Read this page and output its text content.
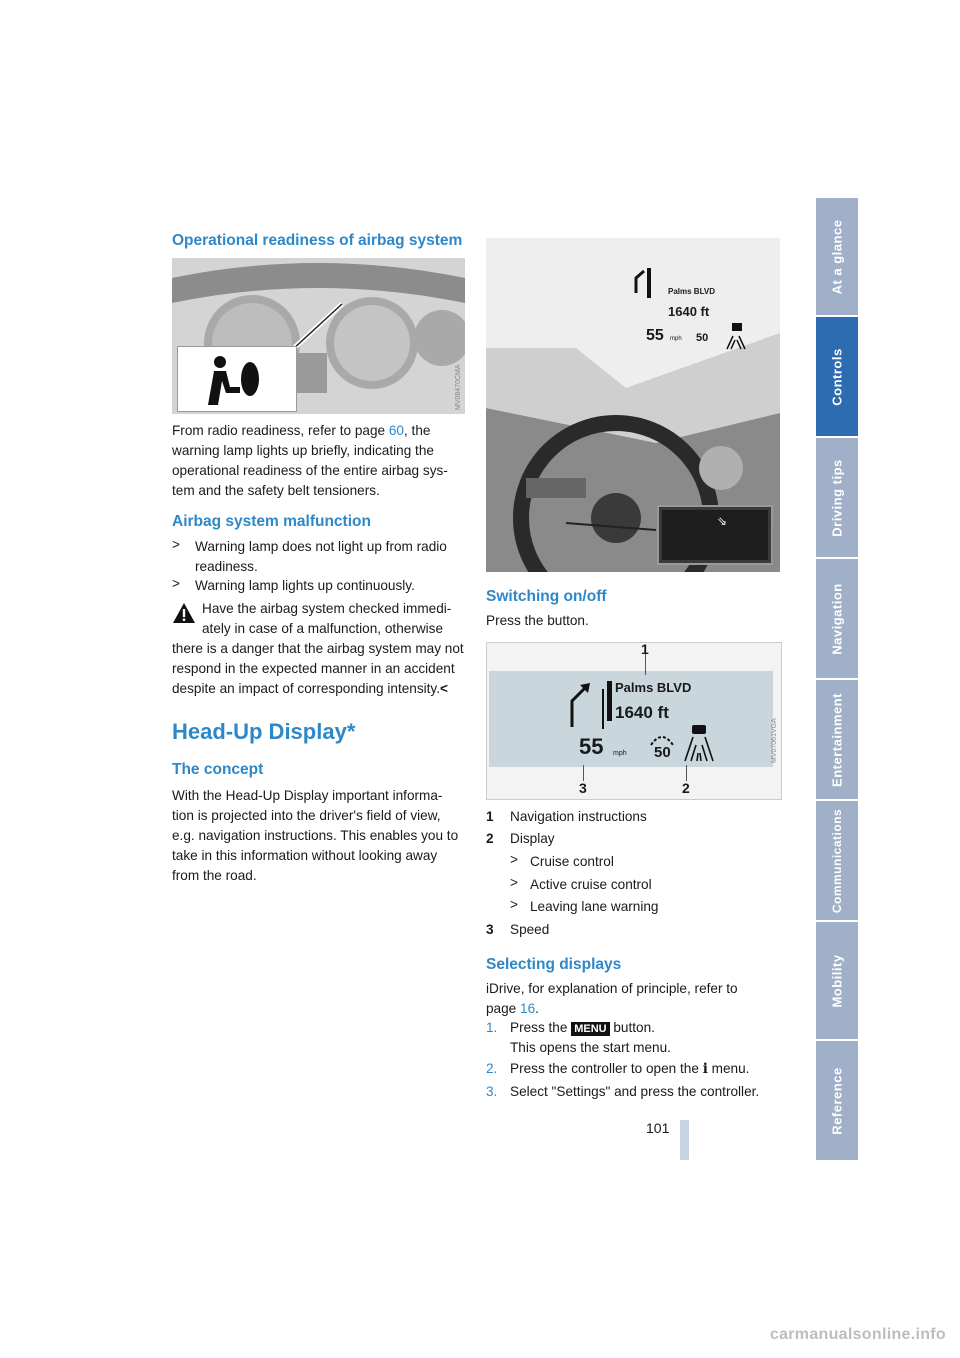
At a glance
Controls
Driving tips
Navigation
Entertainment
Communications
Mobility
Reference
Operational readiness of airbag system
MV08470CMA

From radio readiness, refer to page 60, the
warning lamp lights up briefly, indicating the
operational readiness of the entire airbag sys-
tem and the safety belt tensioners.

Airbag system malfunction
> Warning lamp does not light up from radio
readiness.

> Warning lamp lights up continuously.

Have the airbag system checked immedi-
ately in case of a malfunction, otherwise
there is a danger that the airbag system may not
respond in the expected manner in an accident
despite an impact of corresponding intensity.<

Head-Up Display*
The concept

With the Head-Up Display important informa-
tion is projected into the driver's field of view,
e.g. navigation instructions. This enables you to
take in this information without looking away
from the road.

Palms BLVD
1640 ft
55 mph 50
⇘
MV07180VGA
Switching on/off

Press the button.

Palms BLVD
1640 ft
55 mph 50
1
2
3
MV07061VGA
1 Navigation instructions
2 Display
> Cruise control
> Active cruise control
> Leaving lane warning
3 Speed
Selecting displays

iDrive, for explanation of principle, refer to
page 16.

1. Press the MENU button.
This opens the start menu.

2. Press the controller to open the i menu.

3. Select "Settings" and press the controller.

101
carmanualsonline.info
